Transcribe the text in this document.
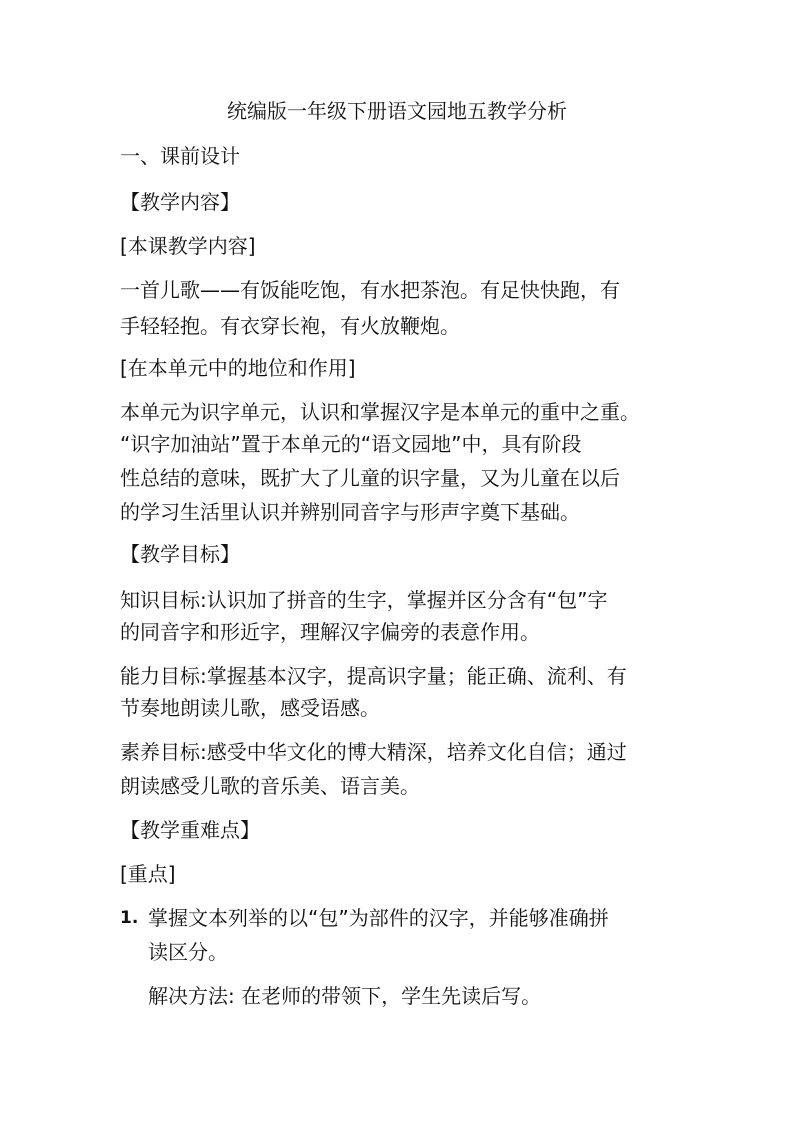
统编版一年级下册语文园地五教学分析
一、课前设计
【教学内容】
[本课教学内容]
一首儿歌——有饭能吃饱，有水把茶泡。有足快快跑，有
手轻轻抱。有衣穿长袍，有火放鞭炮。
[在本单元中的地位和作用]
本单元为识字单元，认识和掌握汉字是本单元的重中之重。
“识字加油站”置于本单元的“语文园地”中，具有阶段
性总结的意味，既扩大了儿童的识字量，又为儿童在以后
的学习生活里认识并辨别同音字与形声字奠下基础。
【教学目标】
知识目标:认识加了拼音的生字，掌握并区分含有“包”字
的同音字和形近字，理解汉字偏旁的表意作用。
能力目标:掌握基本汉字，提高识字量；能正确、流利、有
节奏地朗读儿歌，感受语感。
素养目标:感受中华文化的博大精深，培养文化自信；通过
朗读感受儿歌的音乐美、语言美。
【教学重难点】
[重点]
1. 掌握文本列举的以“包”为部件的汉字，并能够准确拼
读区分。
解决方法: 在老师的带领下，学生先读后写。
